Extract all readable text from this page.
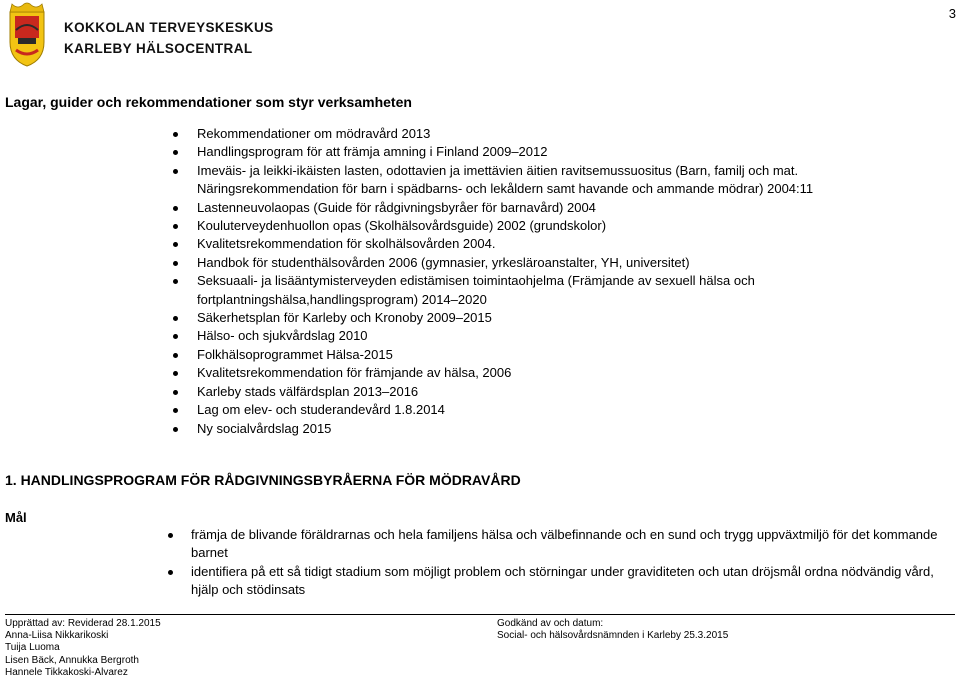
3
KOKKOLAN TERVEYSKESKUS
KARLEBY HÄLSOCENTRAL
Lagar, guider och rekommendationer som styr verksamheten
Rekommendationer om mödravård 2013
Handlingsprogram för att främja amning i Finland 2009–2012
Imeväis- ja leikki-ikäisten lasten, odottavien ja imettävien äitien ravitsemussuositus (Barn, familj och mat.
Näringsrekommendation för barn i spädbarns- och lekåldern samt havande och ammande mödrar) 2004:11
Lastenneuvolaopas (Guide för rådgivningsbyråer för barnavård) 2004
Kouluterveydenhuollon opas (Skolhälsovårdsguide) 2002 (grundskolor)
Kvalitetsrekommendation för skolhälsovården 2004.
Handbok för studenthälsovården 2006 (gymnasier, yrkesläroanstalter, YH, universitet)
Seksuaali- ja lisääntymisterveyden edistämisen toimintaohjelma (Främjande av sexuell hälsa och fortplantningshälsa,handlingsprogram) 2014–2020
Säkerhetsplan för Karleby och Kronoby 2009–2015
Hälso- och sjukvårdslag 2010
Folkhälsoprogrammet Hälsa-2015
Kvalitetsrekommendation för främjande av hälsa, 2006
Karleby stads välfärdsplan 2013–2016
Lag om elev- och studerandevård 1.8.2014
Ny socialvårdslag 2015
1. HANDLINGSPROGRAM FÖR RÅDGIVNINGSBYRÅERNA FÖR MÖDRAVÅRD
Mål
främja de blivande föräldrarnas och hela familjens hälsa och välbefinnande och en sund och trygg uppväxtmiljö för det kommande barnet
identifiera på ett så tidigt stadium som möjligt problem och störningar under graviditeten och utan dröjsmål ordna nödvändig vård, hjälp och stödinsats
Upprättad av: Reviderad 28.1.2015
Anna-Liisa Nikkarikoski
Tuija Luoma
Lisen Bäck, Annukka Bergroth
Hannele Tikkakoski-Alvarez
Godkänd av och datum:
Social- och hälsovårdsnämnden i Karleby 25.3.2015
